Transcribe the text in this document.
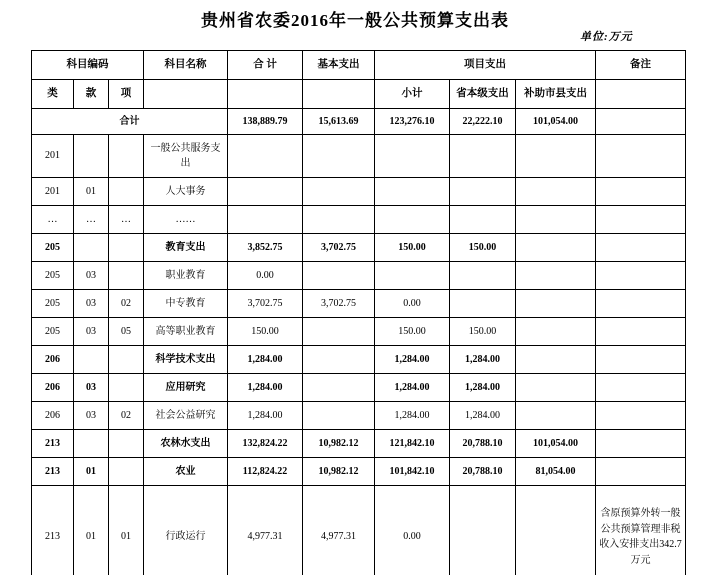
贵州省农委2016年一般公共预算支出表
单位:万元
科目编码			科目名称	合 计	基本支出	项目支出			备注
类	款	项				小计	省本级支出	补助市县支出	
合计				138,889.79	15,613.69	123,276.10	22,222.10	101,054.00	
201			一般公共服务支出						
201	01		人大事务						
…	…	…	……						
205			教育支出	3,852.75	3,702.75	150.00	150.00		
205	03		职业教育	0.00					
205	03	02	中专教育	3,702.75	3,702.75	0.00			
205	03	05	高等职业教育	150.00		150.00	150.00		
206			科学技术支出	1,284.00		1,284.00	1,284.00		
206	03		应用研究	1,284.00		1,284.00	1,284.00		
206	03	02	社会公益研究	1,284.00		1,284.00	1,284.00		
213			农林水支出	132,824.22	10,982.12	121,842.10	20,788.10	101,054.00	
213	01		农业	112,824.22	10,982.12	101,842.10	20,788.10	81,054.00	
213	01	01	行政运行	4,977.31	4,977.31	0.00			含原预算外转一般公共预算管理非税收入安排支出342.7万元
